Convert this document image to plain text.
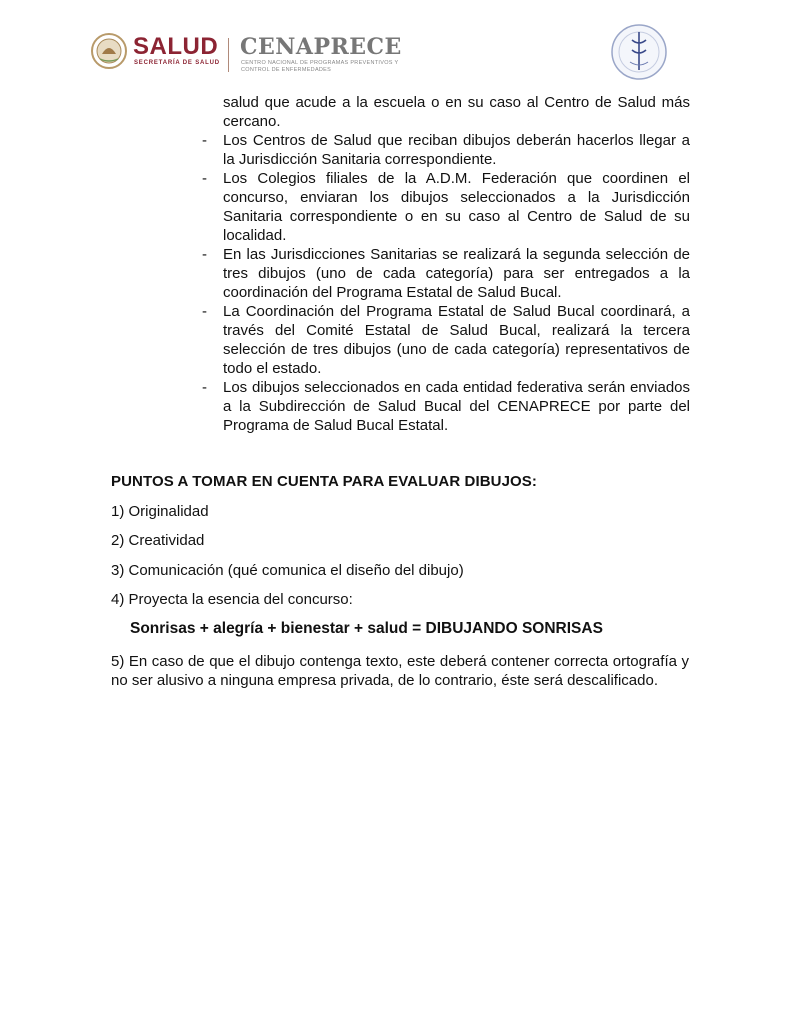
SALUD
SECRETARÍA DE SALUD
CENAPRECE
CENTRO NACIONAL DE PROGRAMAS PREVENTIVOS Y CONTROL DE ENFERMEDADES

salud que acude a la escuela o en su caso al Centro de Salud más cercano.

- Los Centros de Salud que reciban dibujos deberán hacerlos llegar a la Jurisdicción Sanitaria correspondiente.
- Los Colegios filiales de la A.D.M. Federación que coordinen el concurso, enviaran los dibujos seleccionados a la Jurisdicción Sanitaria correspondiente o en su caso al Centro de Salud de su localidad.
- En las Jurisdicciones Sanitarias se realizará la segunda selección de tres dibujos (uno de cada categoría) para ser entregados a la coordinación del Programa Estatal de Salud Bucal.
- La Coordinación del Programa Estatal de Salud Bucal coordinará, a través del Comité Estatal de Salud Bucal, realizará la tercera selección de tres dibujos (uno de cada categoría) representativos de todo el estado.
- Los dibujos seleccionados en cada entidad federativa serán enviados a la Subdirección de Salud Bucal del CENAPRECE por parte del Programa de Salud Bucal Estatal.

PUNTOS A TOMAR EN CUENTA PARA EVALUAR DIBUJOS:

1) Originalidad

2) Creatividad

3) Comunicación (qué comunica el diseño del dibujo)

4) Proyecta la esencia del concurso:

Sonrisas + alegría + bienestar + salud = DIBUJANDO SONRISAS

5) En caso de que el dibujo contenga texto, este deberá contener correcta ortografía y no ser alusivo a ninguna empresa privada, de lo contrario, éste será descalificado.
